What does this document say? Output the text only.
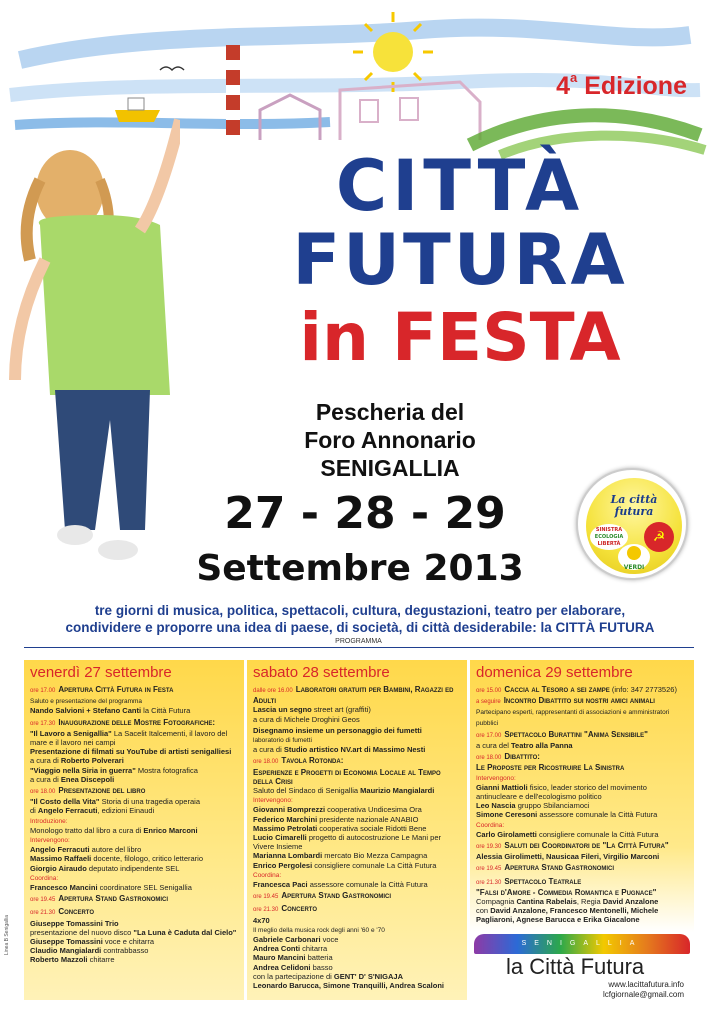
4$^a$ Edizione
CITTÀ
FUTURA
in FESTA
Pescheria del
Foro Annonario
SENIGALLIA
27 - 28 - 29
Settembre 2013
La città
futura
SINISTRA
ECOLOGIA
LIBERTÀ	☭
VERDI
tre giorni di musica, politica, spettacoli, cultura, degustazioni, teatro per elaborare,
condividere e proporre una idea di paese, di società, di città desiderabile: la CITTÀ FUTURA
PROGRAMMA
venerdì 27 settembre
ore 17.00 Apertura Città Futura in Festa
Saluto e presentazione del programma
Nando Salvioni + Stefano Canti la Città Futura
ore 17.30 Inaugurazione delle Mostre Fotografiche:
"Il Lavoro a Senigallia" La Sacelit Italcementi, il lavoro del mare e il lavoro nei campi
Presentazione di filmati su YouTube di artisti senigalliesi
a cura di Roberto Polverari
"Viaggio nella Siria in guerra" Mostra fotografica
a cura di Enea Discepoli
ore 18.00 Presentazione del libro
"Il Costo della Vita" Storia di una tragedia operaia
di Angelo Ferracuti, edizioni Einaudi
Introduzione:
Monologo tratto dal libro a cura di Enrico Marconi
Intervengono:
Angelo Ferracuti autore del libro
Massimo Raffaeli docente, filologo, critico letterario
Giorgio Airaudo deputato indipendente SEL
Coordina:
Francesco Mancini coordinatore SEL Senigallia
ore 19.45 Apertura Stand Gastronomici
ore 21.30 Concerto
Giuseppe Tomassini Trio
presentazione del nuovo disco "La Luna è Caduta dal Cielo"
Giuseppe Tomassini voce e chitarra
Claudio Mangialardi contrabbasso
Roberto Mazzoli chitarre
sabato 28 settembre
dalle ore 16.00 Laboratori gratuiti per Bambini, Ragazzi ed Adulti
Lascia un segno street art (graffiti)
a cura di Michele Droghini Geos
Disegnamo insieme un personaggio dei fumetti
laboratorio di fumetti
a cura di Studio artistico NV.art di Massimo Nesti
ore 18.00 Tavola Rotonda:
Esperienze e Progetti di Economia Locale al Tempo della Crisi
Saluto del Sindaco di Senigallia Maurizio Mangialardi
Intervengono:
Giovanni Bomprezzi cooperativa Undicesima Ora
Federico Marchini presidente nazionale ANABIO
Massimo Petrolati cooperativa sociale Ridotti Bene
Lucio Cimarelli progetto di autocostruzione Le Mani per Vivere Insieme
Marianna Lombardi mercato Bio Mezza Campagna
Enrico Pergolesi consigliere comunale La Città Futura
Coordina:
Francesca Paci assessore comunale la Città Futura
ore 19.45 Apertura Stand Gastronomici
ore 21.30 Concerto
4x70
Il meglio della musica rock degli anni '60 e '70
Gabriele Carbonari voce
Andrea Conti chitarra
Mauro Mancini batteria
Andrea Celidoni basso
con la partecipazione di GENT' D' S'NIGAJA
Leonardo Barucca, Simone Tranquilli, Andrea Scaloni
domenica 29 settembre
ore 15.00 Caccia al Tesoro a sei zampe (info: 347 2773526)
a seguire Incontro Dibattito sui nostri amici animali
Partecipano esperti, rappresentanti di associazioni e amministratori pubblici
ore 17.00 Spettacolo Burattini "Anima Sensibile"
a cura del Teatro alla Panna
ore 18.00 Dibattito:
Le Proposte per Ricostruire La Sinistra
Intervengono:
Gianni Mattioli fisico, leader storico del movimento antinucleare e dell'ecologismo politico
Leo Nascia gruppo Sbilanciamoci
Simone Ceresoni assessore comunale la Città Futura
Coordina:
Carlo Girolametti consigliere comunale la Città Futura
ore 19.30 Saluti dei Coordinatori de "La Città Futura"
Alessia Girolimetti, Nausicaa Fileri, Virgilio Marconi
ore 19.45 Apertura Stand Gastronomici
ore 21.30 Spettacolo Teatrale
"Falsi d'Amore - Commedia Romantica e Pugnace"
Compagnia Cantina Rabelais, Regia David Anzalone
con David Anzalone, Francesco Mentonelli, Michele Pagliaroni, Agnese Barucca e Erika Giacalone
SENIGALLIA
la Città Futura
www.lacittafutura.info
lcfgiornale@gmail.com
Linea B Senigallia
